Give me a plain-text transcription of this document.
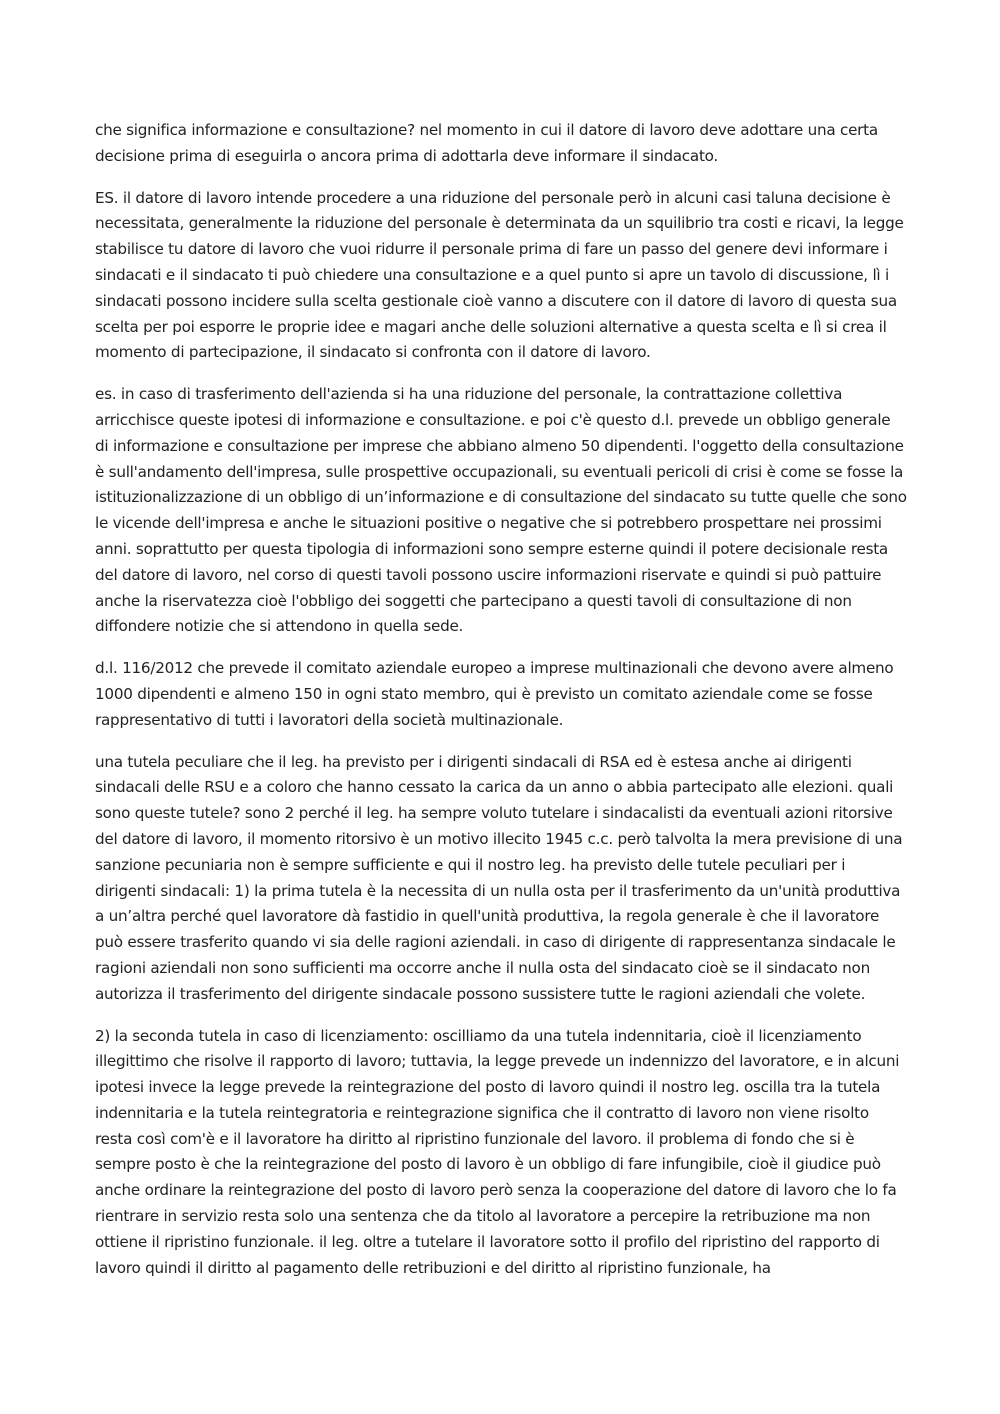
che significa informazione e consultazione? nel momento in cui il datore di lavoro deve adottare una certa decisione prima di eseguirla o ancora prima di adottarla deve informare il sindacato.

ES. il datore di lavoro intende procedere a una riduzione del personale però in alcuni casi taluna decisione è necessitata, generalmente la riduzione del personale è determinata da un squilibrio tra costi e ricavi, la legge stabilisce tu datore di lavoro che vuoi ridurre il personale prima di fare un passo del genere devi informare i sindacati e il sindacato ti può chiedere una consultazione e a quel punto si apre un tavolo di discussione, lì i sindacati possono incidere sulla scelta gestionale cioè vanno a discutere con il datore di lavoro di questa sua scelta per poi esporre le proprie idee e magari anche delle soluzioni alternative a questa scelta e lì si crea il momento di partecipazione, il sindacato si confronta con il datore di lavoro.

es. in caso di trasferimento dell'azienda si ha una riduzione del personale, la contrattazione collettiva arricchisce queste ipotesi di informazione e consultazione. e poi c'è questo d.l. prevede un obbligo generale di informazione e consultazione per imprese che abbiano almeno 50 dipendenti. l'oggetto della consultazione è sull'andamento dell'impresa, sulle prospettive occupazionali, su eventuali pericoli di crisi è come se fosse la istituzionalizzazione di un obbligo di un’informazione e di consultazione del sindacato su tutte quelle che sono le vicende dell'impresa e anche le situazioni positive o negative che si potrebbero prospettare nei prossimi anni. soprattutto per questa tipologia di informazioni sono sempre esterne quindi il potere decisionale resta del datore di lavoro, nel corso di questi tavoli possono uscire informazioni riservate e quindi si può pattuire anche la riservatezza cioè l'obbligo dei soggetti che partecipano a questi tavoli di consultazione di non diffondere notizie che si attendono in quella sede.

d.l. 116/2012 che prevede il comitato aziendale europeo a imprese multinazionali che devono avere almeno 1000 dipendenti e almeno 150 in ogni stato membro, qui è previsto un comitato aziendale come se fosse rappresentativo di tutti i lavoratori della società multinazionale.

una tutela peculiare che il leg. ha previsto per i dirigenti sindacali di RSA ed è estesa anche ai dirigenti sindacali delle RSU e a coloro che hanno cessato la carica da un anno o abbia partecipato alle elezioni. quali sono queste tutele? sono 2 perché il leg. ha sempre voluto tutelare i sindacalisti da eventuali azioni ritorsive del datore di lavoro, il momento ritorsivo è un motivo illecito 1945 c.c. però talvolta la mera previsione di una sanzione pecuniaria non è sempre sufficiente e qui il nostro leg. ha previsto delle tutele peculiari per i dirigenti sindacali: 1) la prima tutela è la necessita di un nulla osta per il trasferimento da un'unità produttiva a un’altra perché quel lavoratore dà fastidio in quell'unità produttiva, la regola generale è che il lavoratore può essere trasferito quando vi sia delle ragioni aziendali. in caso di dirigente di rappresentanza sindacale le ragioni aziendali non sono sufficienti ma occorre anche il nulla osta del sindacato cioè se il sindacato non autorizza il trasferimento del dirigente sindacale possono sussistere tutte le ragioni aziendali che volete.

2) la seconda tutela in caso di licenziamento: oscilliamo da una tutela indennitaria, cioè il licenziamento illegittimo che risolve il rapporto di lavoro; tuttavia, la legge prevede un indennizzo del lavoratore, e in alcuni ipotesi invece la legge prevede la reintegrazione del posto di lavoro quindi il nostro leg. oscilla tra la tutela indennitaria e la tutela reintegratoria e reintegrazione significa che il contratto di lavoro non viene risolto resta così com'è e il lavoratore ha diritto al ripristino funzionale del lavoro. il problema di fondo che si è sempre posto è che la reintegrazione del posto di lavoro è un obbligo di fare infungibile, cioè il giudice può anche ordinare la reintegrazione del posto di lavoro però senza la cooperazione del datore di lavoro che lo fa rientrare in servizio resta solo una sentenza che da titolo al lavoratore a percepire la retribuzione ma non ottiene il ripristino funzionale. il leg. oltre a tutelare il lavoratore sotto il profilo del ripristino del rapporto di lavoro quindi il diritto al pagamento delle retribuzioni e del diritto al ripristino funzionale, ha
